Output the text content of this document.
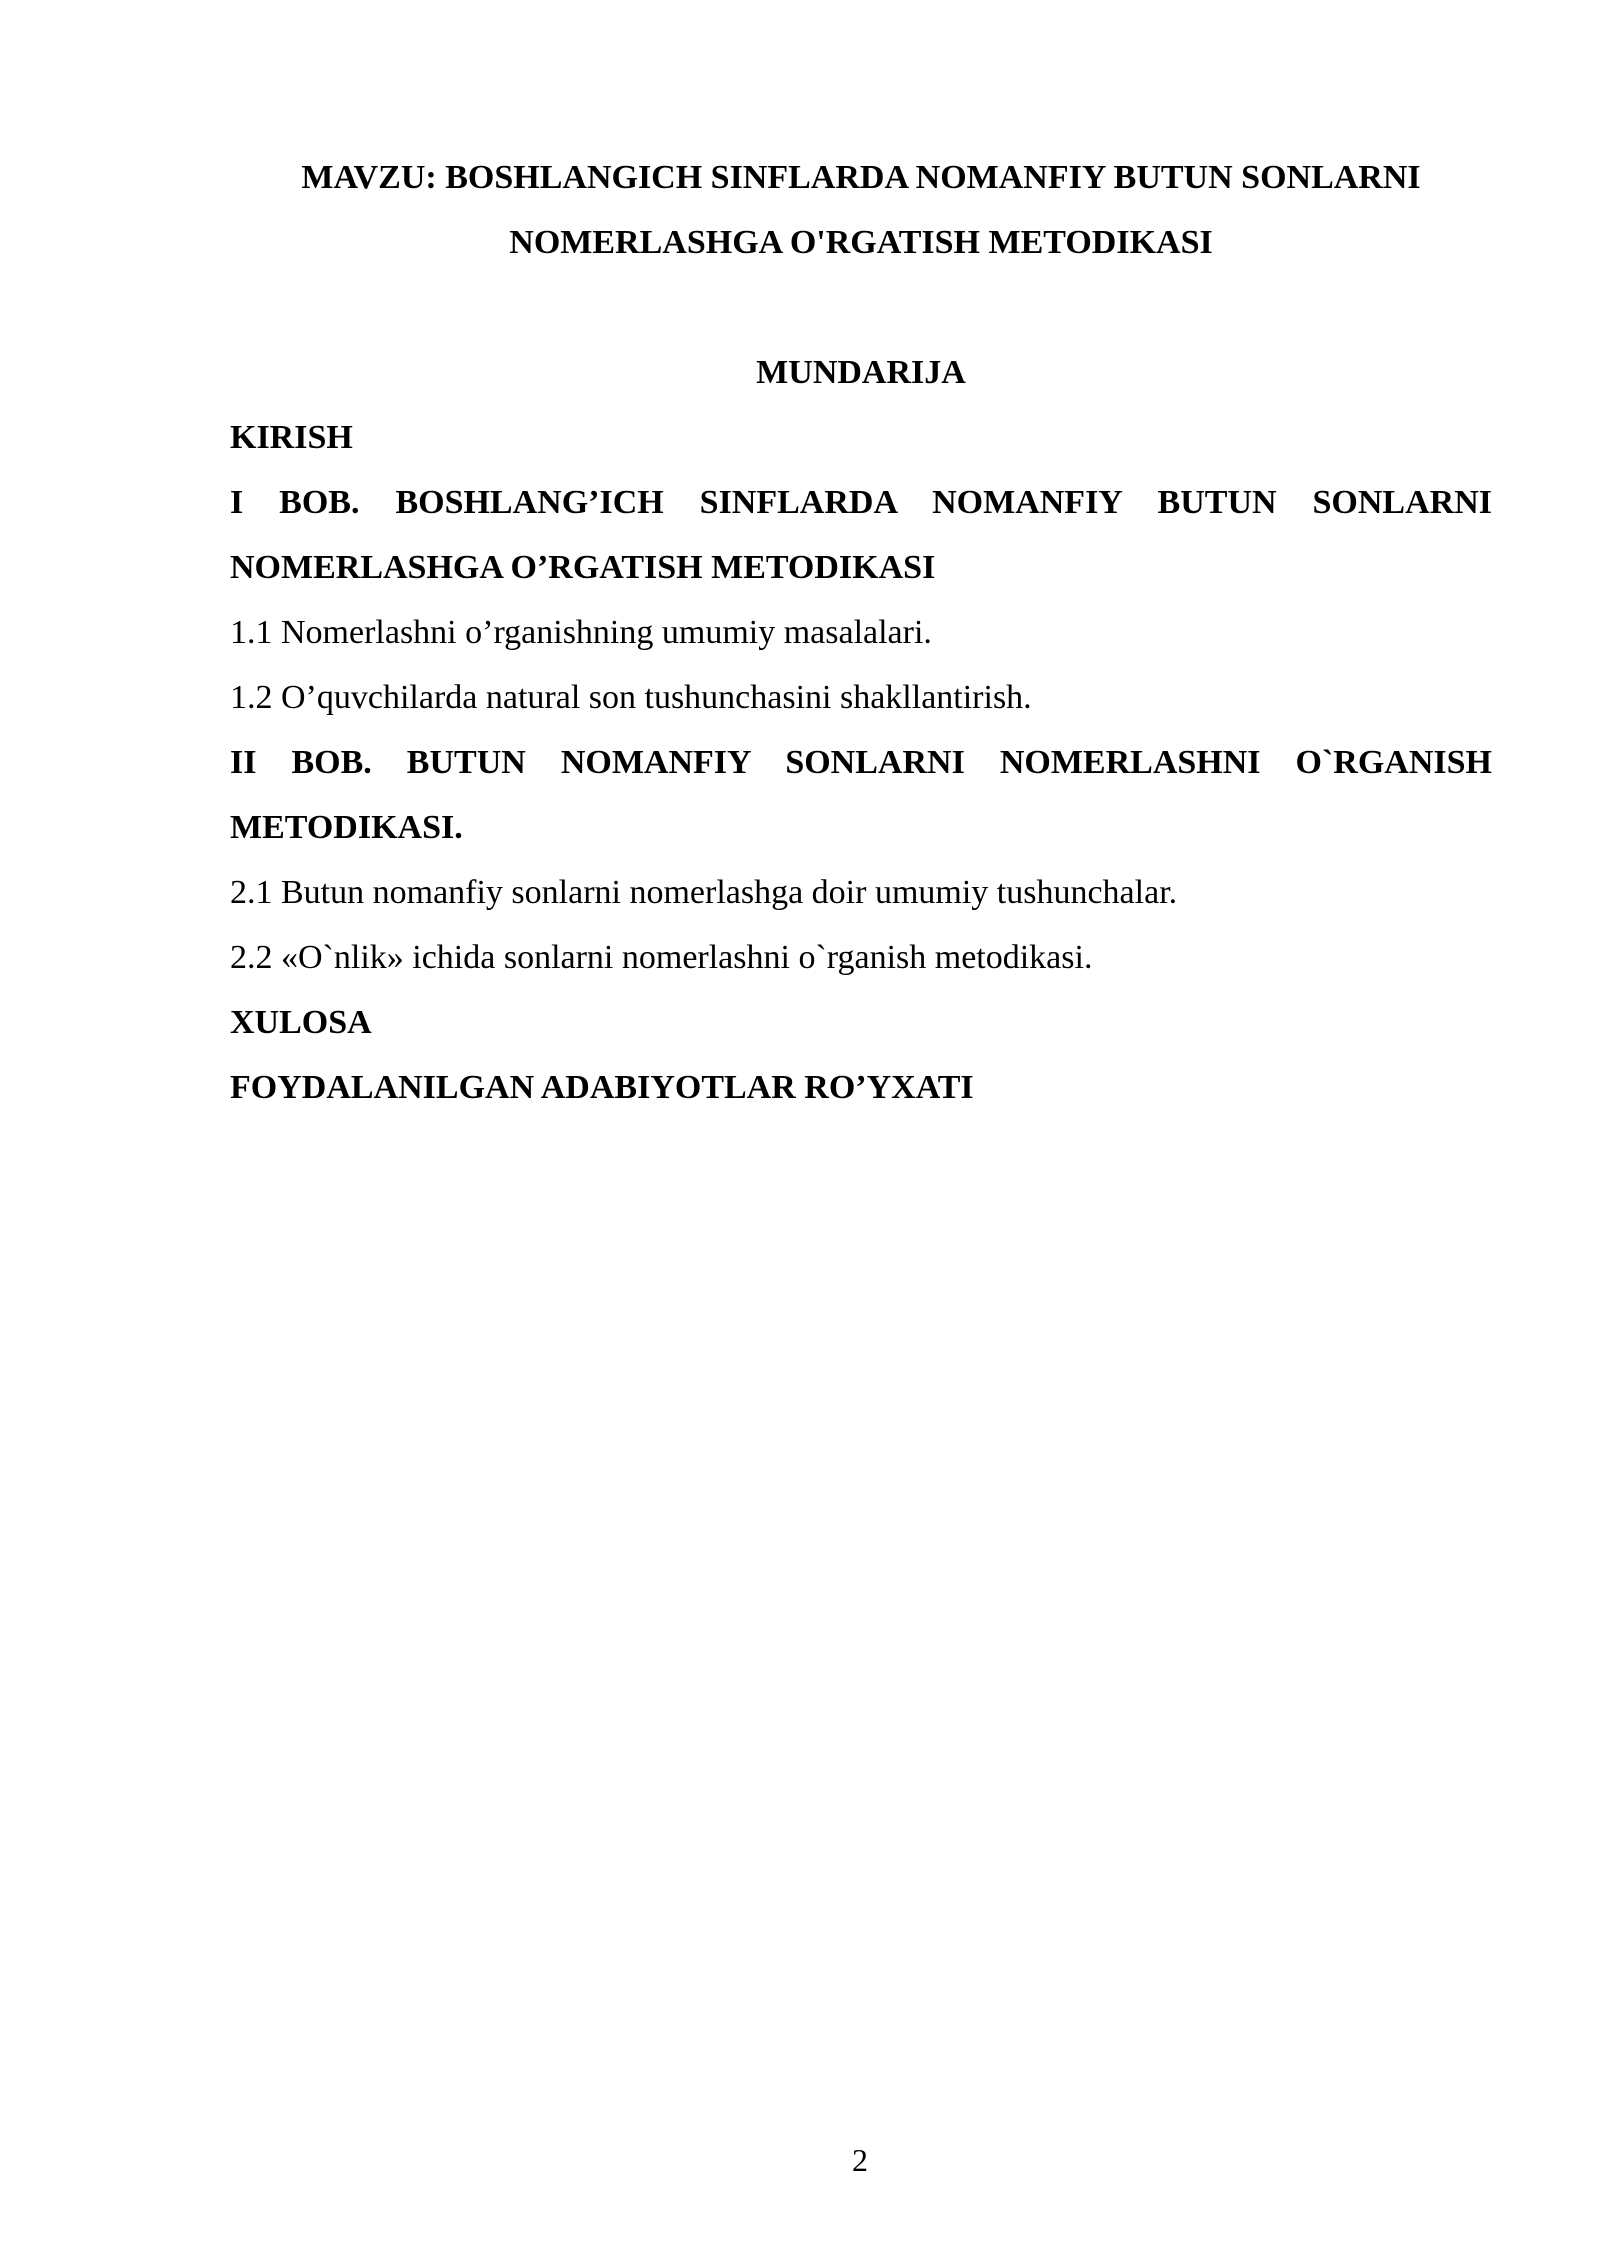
MAVZU: BOSHLANGICH SINFLARDA NOMANFIY BUTUN SONLARNI

NOMERLASHGA O'RGATISH METODIKASI

MUNDARIJA

KIRISH

I BOB. BOSHLANG’ICH SINFLARDA NOMANFIY BUTUN SONLARNI NOMERLASHGA O’RGATISH METODIKASI

1.1 Nomerlashni o’rganishning umumiy masalalari.

1.2 O’quvchilarda natural son tushunchasini shakllantirish.

II BOB. BUTUN NOMANFIY SONLARNI NOMERLASHNI O`RGANISH METODIKASI.

2.1 Butun nomanfiy sonlarni nomerlashga doir umumiy tushunchalar.

2.2 «O`nlik» ichida sonlarni nomerlashni o`rganish metodikasi.

XULOSA

FOYDALANILGAN ADABIYOTLAR RO’YXATI

2
